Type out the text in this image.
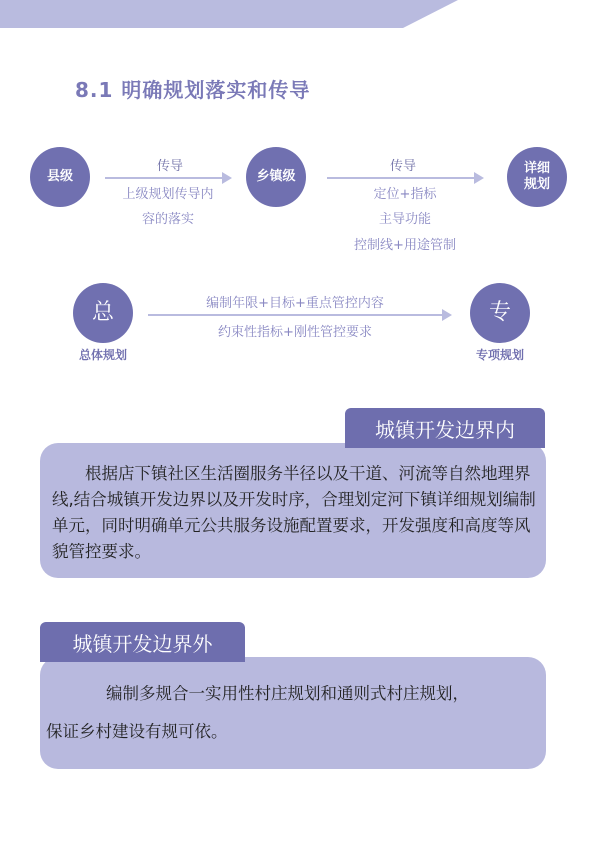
8.1 明确规划落实和传导
县级
传导
上级规划传导内
容的落实
乡镇级
传导
定位+指标
主导功能
控制线+用途管制
详细
规划
总
总体规划
编制年限+目标+重点管控内容
约束性指标+刚性管控要求
专
专项规划
根据店下镇社区生活圈服务半径以及干道、河流等自然地理界线,结合城镇开发边界以及开发时序，合理划定河下镇详细规划编制单元，同时明确单元公共服务设施配置要求，开发强度和高度等风貌管控要求。
城镇开发边界内
编制多规合一实用性村庄规划和通则式村庄规划，
保证乡村建设有规可依。
城镇开发边界外
